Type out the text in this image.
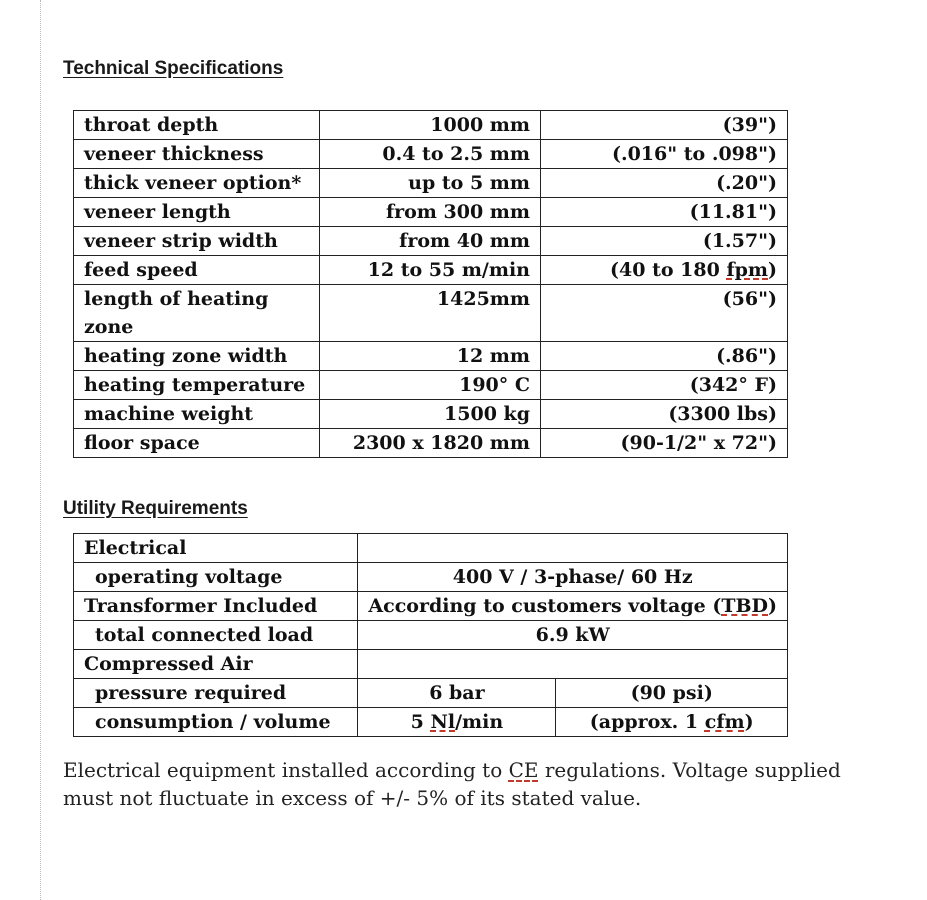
Technical Specifications
throat depth	1000 mm	(39")
veneer thickness	0.4 to 2.5 mm	(.016" to .098")
thick veneer option*	up to 5 mm	(.20")
veneer length	from 300 mm	(11.81")
veneer strip width	from 40 mm	(1.57")
feed speed	12 to 55 m/min	(40 to 180 fpm)
length of heating zone	1425mm	(56")
heating zone width	12 mm	(.86")
heating temperature	190° C	(342° F)
machine weight	1500 kg	(3300 lbs)
floor space	2300 x 1820 mm	(90-1/2" x 72")
Utility Requirements
Electrical		
operating voltage	400 V / 3-phase/ 60 Hz	
Transformer Included	According to customers voltage (TBD)	
total connected load	6.9 kW	
Compressed Air		
pressure required	6 bar	(90 psi)
consumption / volume	5 Nl/min	(approx. 1 cfm)
Electrical equipment installed according to CE regulations. Voltage supplied
must not fluctuate in excess of +/- 5% of its stated value.
